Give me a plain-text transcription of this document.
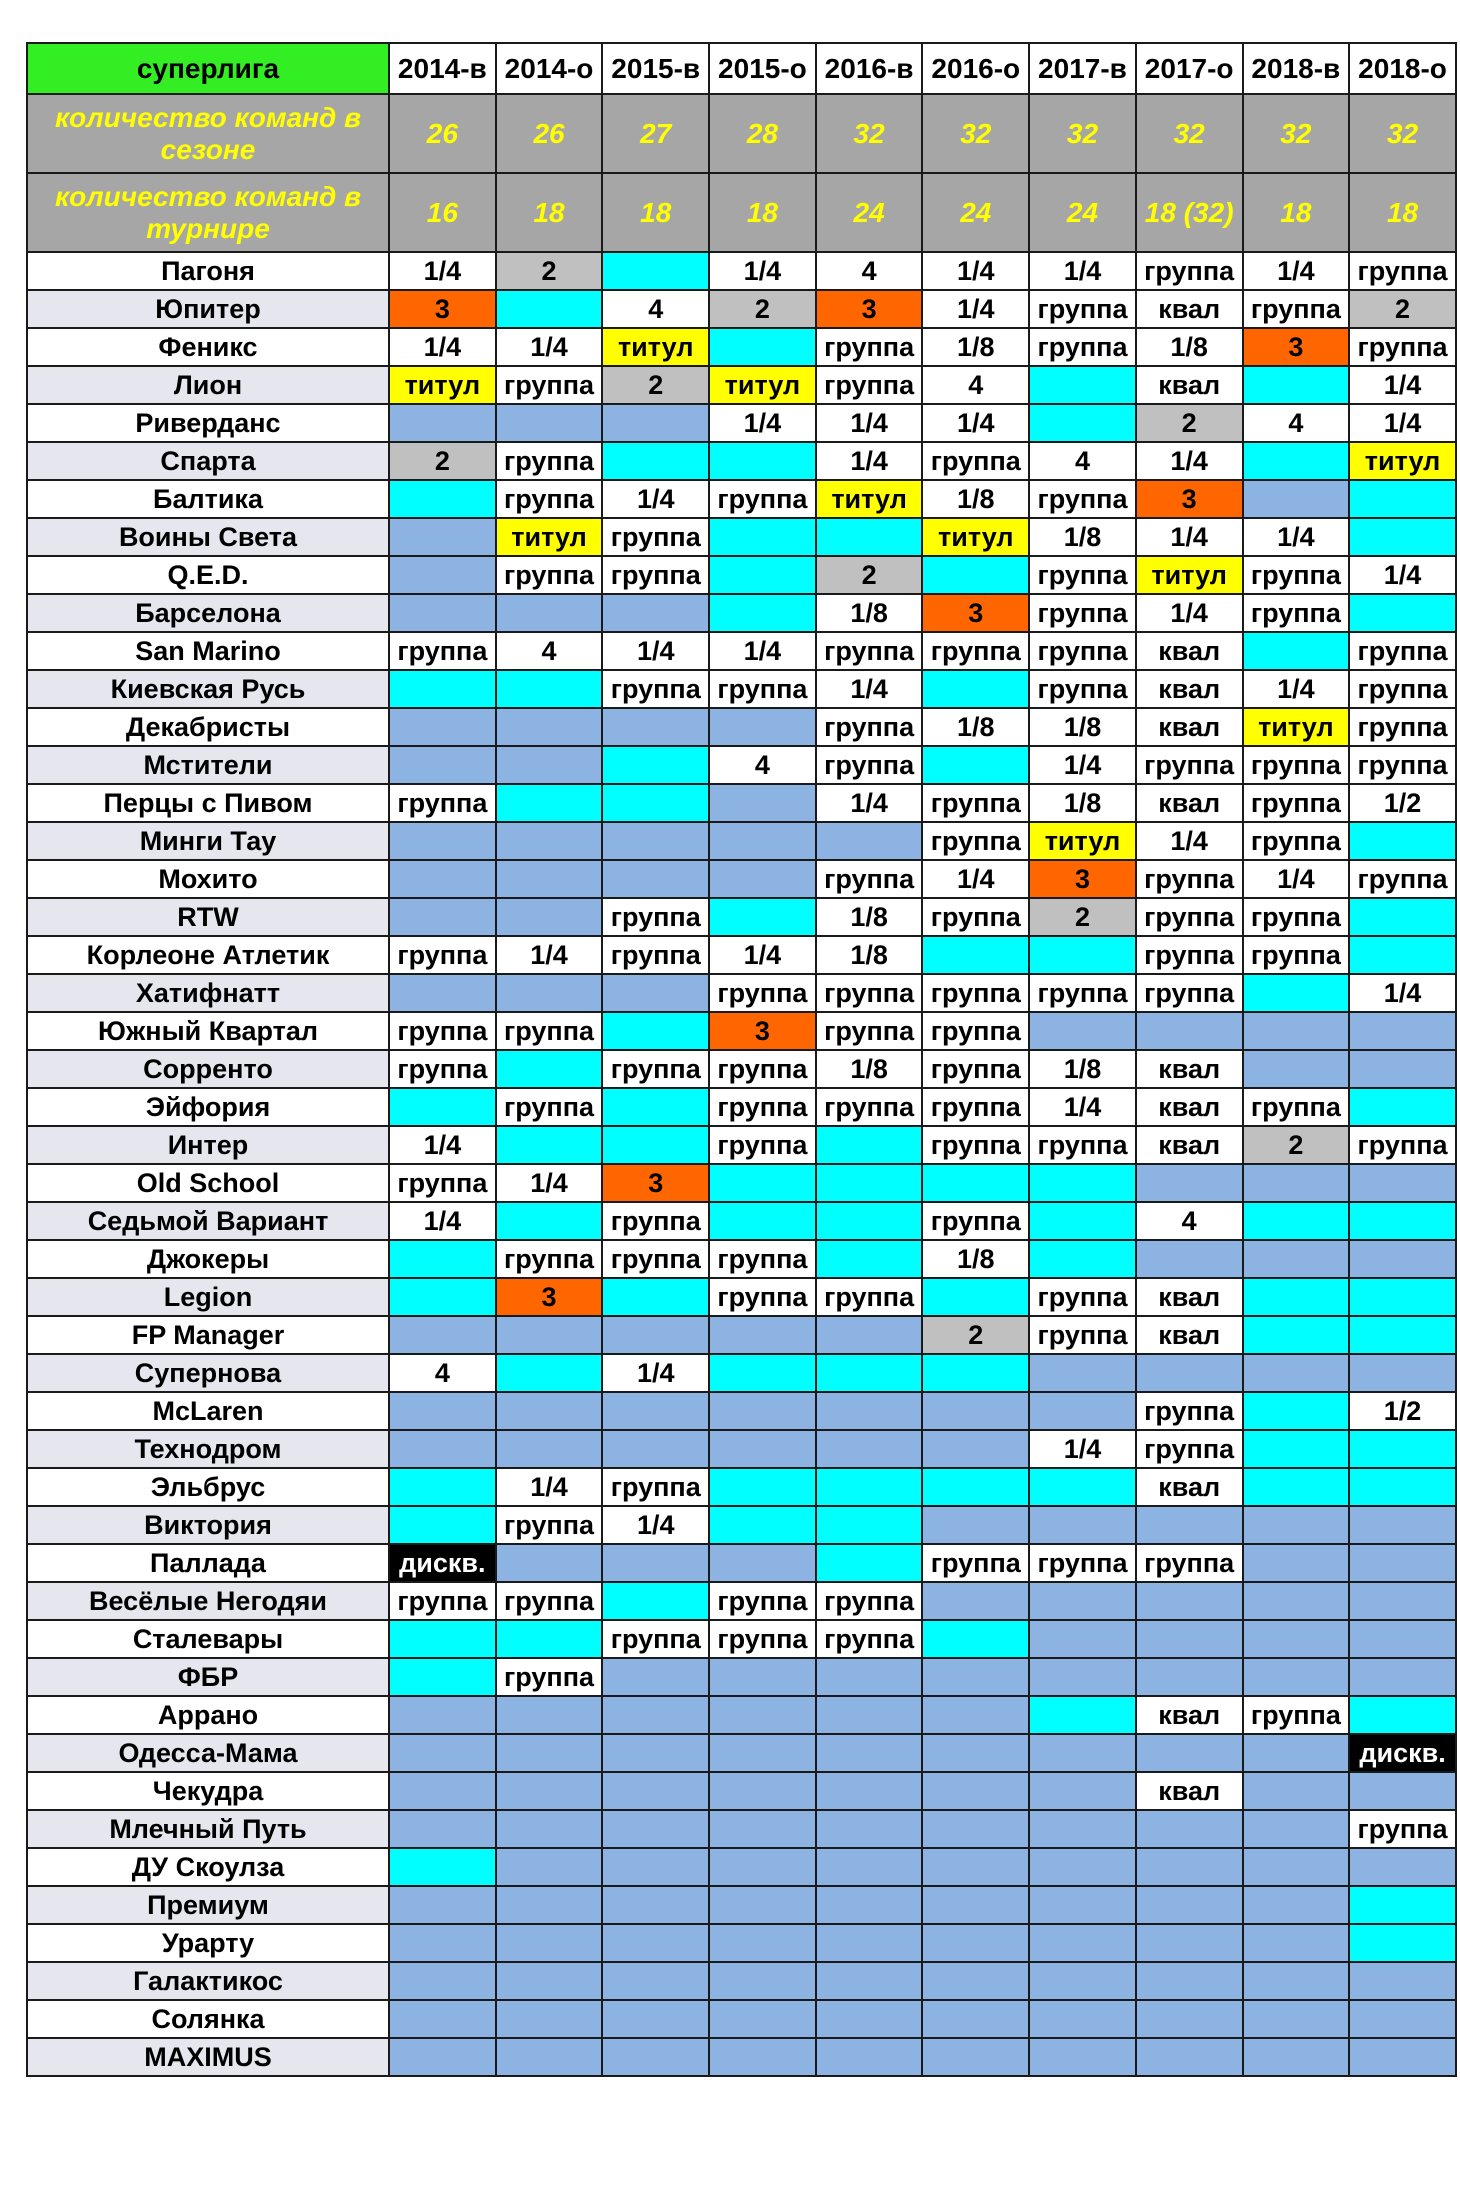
суперлига	2014-в	2014-о	2015-в	2015-о	2016-в	2016-о	2017-в	2017-о	2018-в	2018-о
количество команд в сезоне	26	26	27	28	32	32	32	32	32	32
количество команд в турнире	16	18	18	18	24	24	24	18 (32)	18	18
Пагоня	1/4	2		1/4	4	1/4	1/4	группа	1/4	группа
Юпитер	3		4	2	3	1/4	группа	квал	группа	2
Феникс	1/4	1/4	титул		группа	1/8	группа	1/8	3	группа
Лион	титул	группа	2	титул	группа	4		квал		1/4
Риверданс				1/4	1/4	1/4		2	4	1/4
Спарта	2	группа			1/4	группа	4	1/4		титул
Балтика		группа	1/4	группа	титул	1/8	группа	3		
Воины Света		титул	группа			титул	1/8	1/4	1/4	
Q.E.D.		группа	группа		2		группа	титул	группа	1/4
Барселона					1/8	3	группа	1/4	группа	
San Marino	группа	4	1/4	1/4	группа	группа	группа	квал		группа
Киевская Русь			группа	группа	1/4		группа	квал	1/4	группа
Декабристы					группа	1/8	1/8	квал	титул	группа
Мстители				4	группа		1/4	группа	группа	группа
Перцы с Пивом	группа				1/4	группа	1/8	квал	группа	1/2
Минги Тау						группа	титул	1/4	группа	
Мохито					группа	1/4	3	группа	1/4	группа
RTW			группа		1/8	группа	2	группа	группа	
Корлеоне Атлетик	группа	1/4	группа	1/4	1/8			группа	группа	
Хатифнатт				группа	группа	группа	группа	группа		1/4
Южный Квартал	группа	группа		3	группа	группа				
Сорренто	группа		группа	группа	1/8	группа	1/8	квал		
Эйфория		группа		группа	группа	группа	1/4	квал	группа	
Интер	1/4			группа		группа	группа	квал	2	группа
Old School	группа	1/4	3							
Седьмой Вариант	1/4		группа			группа		4		
Джокеры		группа	группа	группа		1/8				
Legion		3		группа	группа		группа	квал		
FP Manager						2	группа	квал		
Супернова	4		1/4							
McLaren								группа		1/2
Технодром							1/4	группа		
Эльбрус		1/4	группа					квал		
Виктория		группа	1/4							
Паллада	дискв.					группа	группа	группа		
Весёлые Негодяи	группа	группа		группа	группа					
Сталевары			группа	группа	группа					
ФБР		группа								
Аррано								квал	группа	
Одесса-Мама										дискв.
Чекудра								квал		
Млечный Путь										группа
ДУ Скоулза										
Премиум										
Урарту										
Галактикос										
Солянка										
MAXIMUS										
